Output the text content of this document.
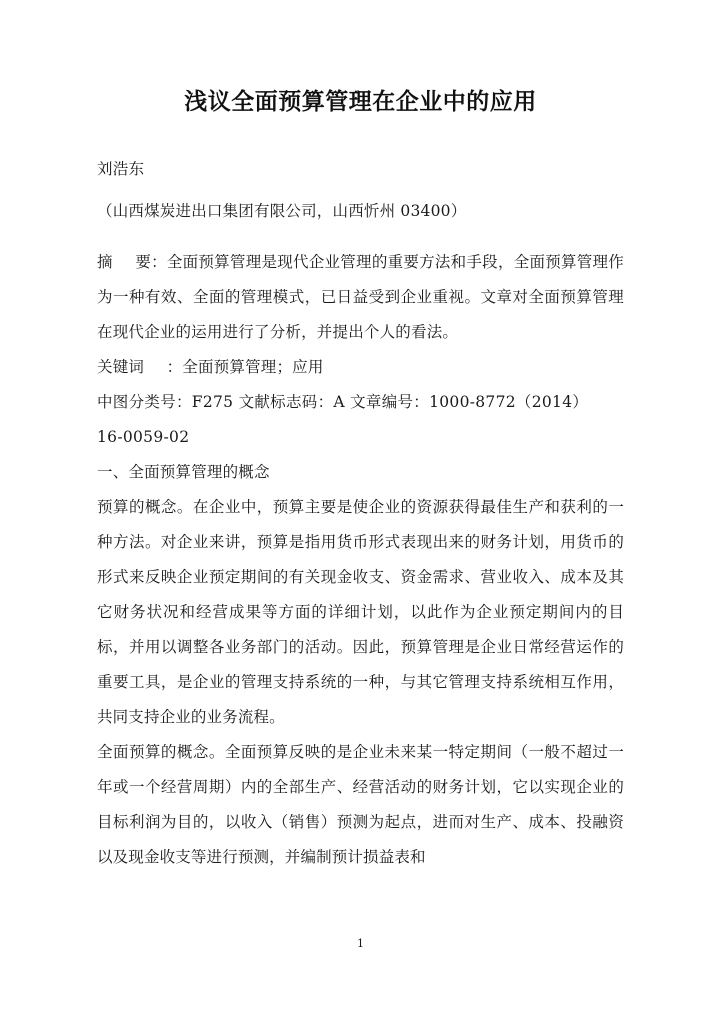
浅议全面预算管理在企业中的应用

刘浩东

（山西煤炭进出口集团有限公司，山西忻州 03400）

摘 要：全面预算管理是现代企业管理的重要方法和手段，全面预算管理作为一种有效、全面的管理模式，已日益受到企业重视。文章对全面预算管理在现代企业的运用进行了分析，并提出个人的看法。

关键词 ：全面预算管理；应用

中图分类号：F275 文献标志码：A 文章编号：1000-8772（2014）

16-0059-02

一、全面预算管理的概念

预算的概念。在企业中，预算主要是使企业的资源获得最佳生产和获利的一种方法。对企业来讲，预算是指用货币形式表现出来的财务计划，用货币的形式来反映企业预定期间的有关现金收支、资金需求、营业收入、成本及其它财务状况和经营成果等方面的详细计划，以此作为企业预定期间内的目标，并用以调整各业务部门的活动。因此，预算管理是企业日常经营运作的重要工具，是企业的管理支持系统的一种，与其它管理支持系统相互作用，共同支持企业的业务流程。

全面预算的概念。全面预算反映的是企业未来某一特定期间（一般不超过一年或一个经营周期）内的全部生产、经营活动的财务计划，它以实现企业的目标利润为目的，以收入（销售）预测为起点，进而对生产、成本、投融资以及现金收支等进行预测，并编制预计损益表和

1
